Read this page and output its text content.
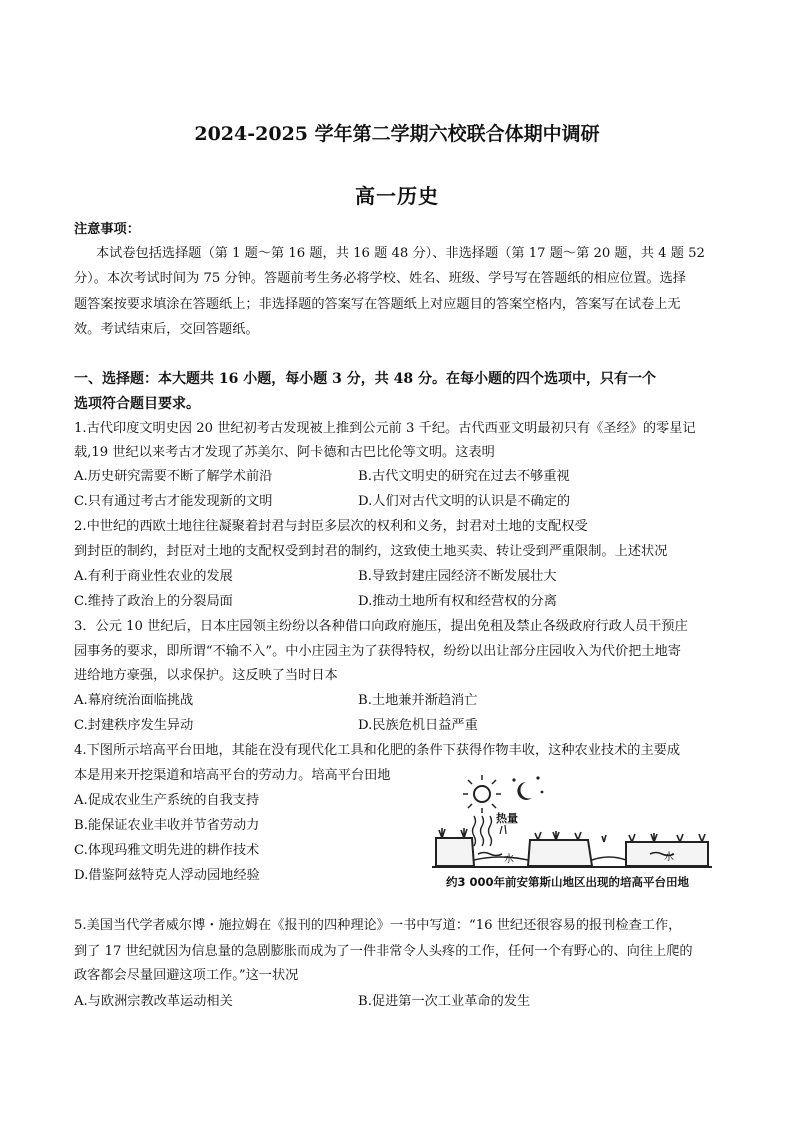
2024-2025 学年第二学期六校联合体期中调研
高一历史
注意事项：
本试卷包括选择题（第 1 题～第 16 题，共 16 题 48 分）、非选择题（第 17 题～第 20 题，共 4 题 52
分）。本次考试时间为 75 分钟。答题前考生务必将学校、姓名、班级、学号写在答题纸的相应位置。选择
题答案按要求填涂在答题纸上；非选择题的答案写在答题纸上对应题目的答案空格内，答案写在试卷上无
效。考试结束后，交回答题纸。
一、选择题：本大题共 16 小题，每小题 3 分，共 48 分。在每小题的四个选项中，只有一个
选项符合题目要求。
1.古代印度文明史因 20 世纪初考古发现被上推到公元前 3 千纪。古代西亚文明最初只有《圣经》的零星记
载,19 世纪以来考古才发现了苏美尔、阿卡德和古巴比伦等文明。这表明
A.历史研究需要不断了解学术前沿	B.古代文明史的研究在过去不够重视
C.只有通过考古才能发现新的文明	D.人们对古代文明的认识是不确定的
2.中世纪的西欧土地往往凝聚着封君与封臣多层次的权利和义务，封君对土地的支配权受
到封臣的制约，封臣对土地的支配权受到封君的制约，这致使土地买卖、转让受到严重限制。上述状况
A.有利于商业性农业的发展	B.导致封建庄园经济不断发展壮大
C.维持了政治上的分裂局面	D.推动土地所有权和经营权的分离
3．公元 10 世纪后，日本庄园领主纷纷以各种借口向政府施压，提出免租及禁止各级政府行政人员干预庄
园事务的要求，即所谓“不输不入”。中小庄园主为了获得特权，纷纷以出让部分庄园收入为代价把土地寄
进给地方豪强，以求保护。这反映了当时日本
A.幕府统治面临挑战	B.土地兼并渐趋消亡
C.封建秩序发生异动	D.民族危机日益严重
4.下图所示培高平台田地，其能在没有现代化工具和化肥的条件下获得作物丰收，这种农业技术的主要成
本是用来开挖渠道和培高平台的劳动力。培高平台田地
A.促成农业生产系统的自我支持
B.能保证农业丰收并节省劳动力
C.体现玛雅文明先进的耕作技术
D.借鉴阿兹特克人浮动园地经验
热量
水	水
约3 000年前安第斯山地区出现的培高平台田地
5.美国当代学者威尔博・施拉姆在《报刊的四种理论》一书中写道：“16 世纪还很容易的报刊检查工作，
到了 17 世纪就因为信息量的急剧膨胀而成为了一件非常令人头疼的工作，任何一个有野心的、向往上爬的
政客都会尽量回避这项工作。”这一状况
A.与欧洲宗教改革运动相关	B.促进第一次工业革命的发生
